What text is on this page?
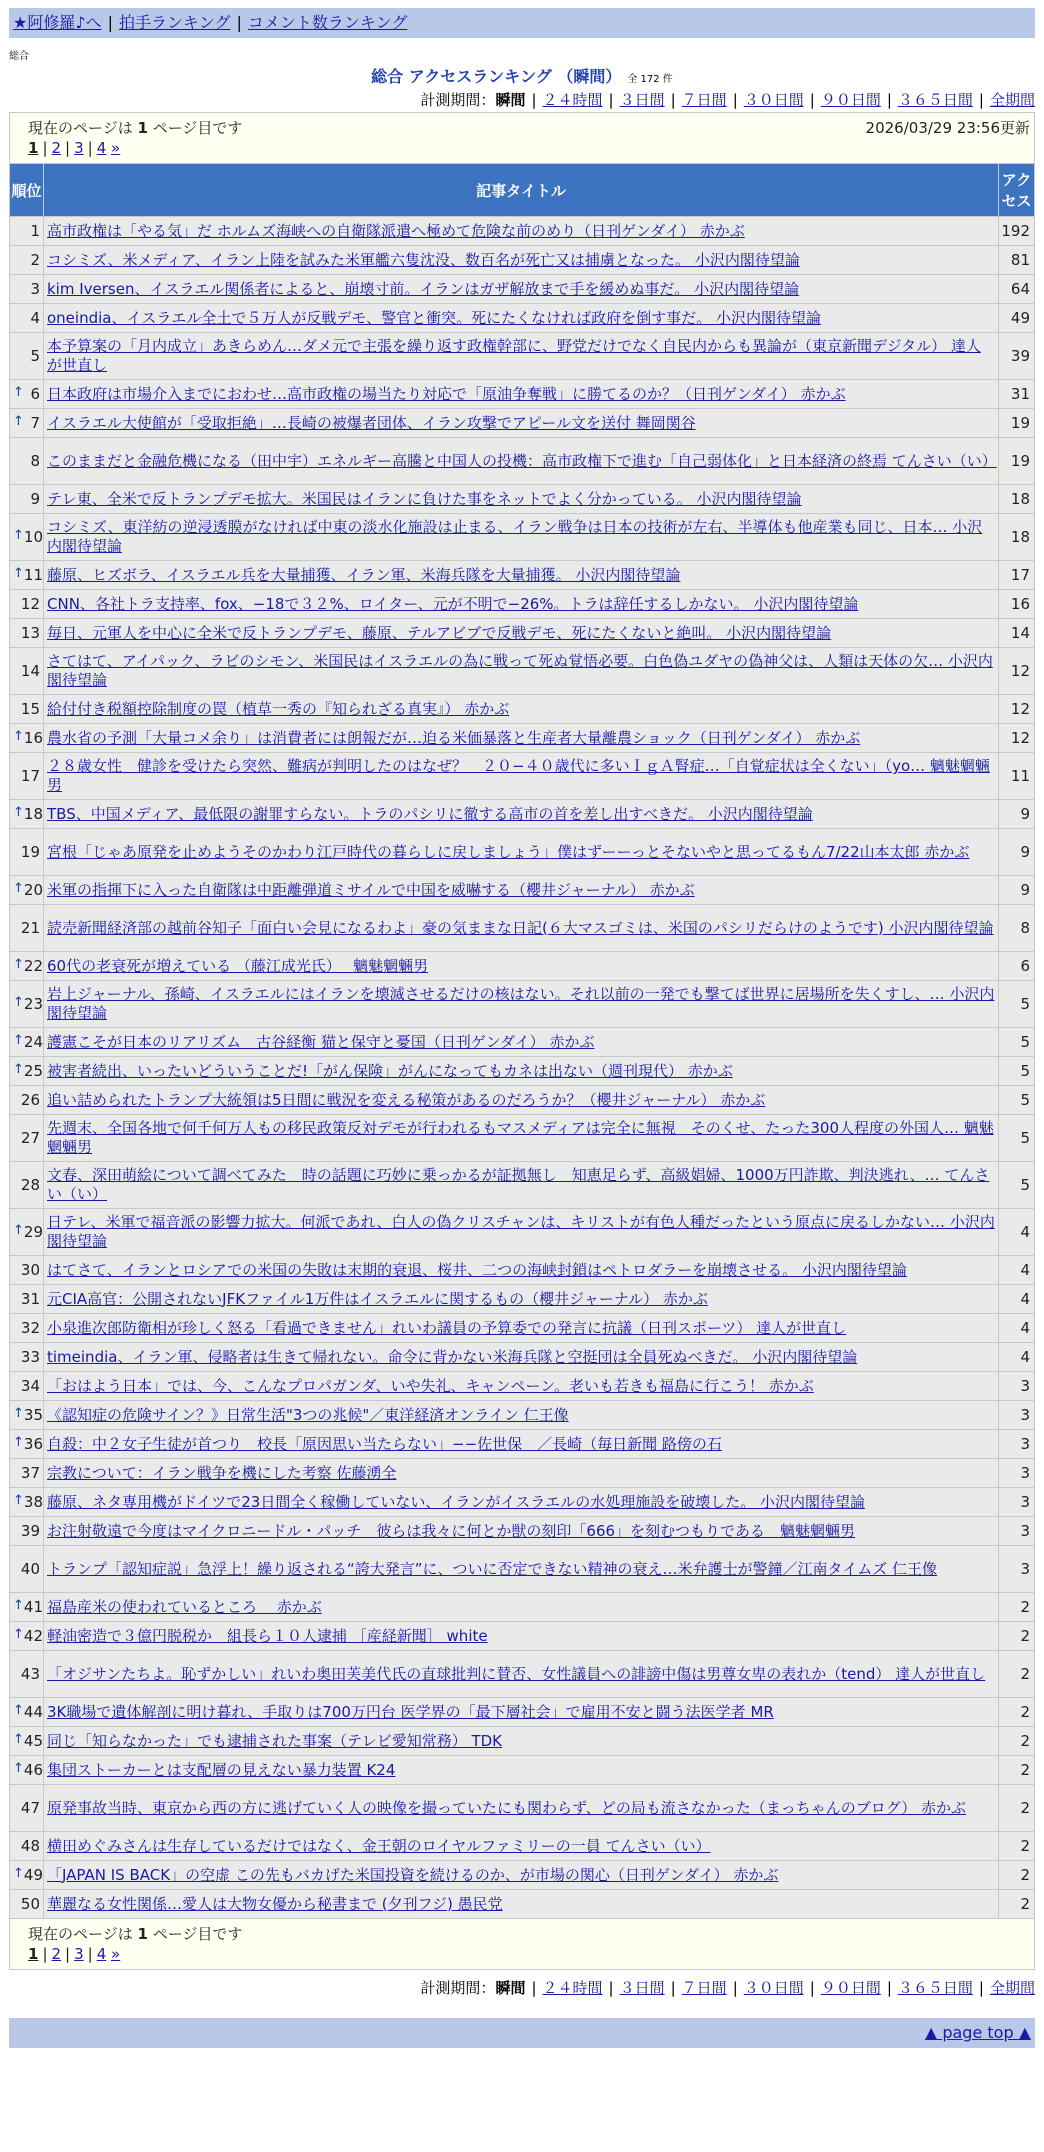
★阿修羅♪へ | 拍手ランキング | コメント数ランキング
総合
総合 アクセスランキング （瞬間） 全 172 件
計測期間：瞬間 | ２４時間 | ３日間 | ７日間 | ３０日間 | ９０日間 | ３６５日間 | 全期間
現在のページは 1 ページ目です	2026/03/29 23:56更新
1 | 2 | 3 | 4 »
順位	記事タイトル	アクセス
1	高市政権は「やる気」だ ホルムズ海峡への自衛隊派遣へ極めて危険な前のめり（日刊ゲンダイ） 赤かぶ	192
2	コシミズ、米メディア、イラン上陸を試みた米軍艦六隻沈没、数百名が死亡又は捕虜となった。 小沢内閣待望論	81
3	kim Iversen、イスラエル関係者によると、崩壊寸前。イランはガザ解放まで手を緩めぬ事だ。 小沢内閣待望論	64
4	oneindia、イスラエル全土で５万人が反戦デモ、警官と衝突。死にたくなければ政府を倒す事だ。 小沢内閣待望論	49
5	本予算案の「月内成立」あきらめん…ダメ元で主張を繰り返す政権幹部に、野党だけでなく自民内からも異論が（東京新聞デジタル） 達人が世直し	39

↑ 6	日本政府は市場介入までにおわせ…高市政権の場当たり対応で「原油争奪戦」に勝てるのか？（日刊ゲンダイ） 赤かぶ	31

↑ 7	イスラエル大使館が「受取拒絶」…長崎の被爆者団体、イラン攻撃でアピール文を送付 舞岡関谷	19
8	このままだと金融危機になる（田中宇）エネルギー高騰と中国人の投機：高市政権下で進む「自己弱体化」と日本経済の終焉 てんさい（い）	19
9	テレ東、全米で反トランプデモ拡大。米国民はイランに負けた事をネットでよく分かっている。 小沢内閣待望論	18

↑ 10	コシミズ、東洋紡の逆浸透膜がなければ中東の淡水化施設は止まる、イラン戦争は日本の技術が左右、半導体も他産業も同じ、日本… 小沢内閣待望論	18

↑ 11	藤原、ヒズボラ、イスラエル兵を大量捕獲、イラン軍、米海兵隊を大量捕獲。 小沢内閣待望論	17
12	CNN、各社トラ支持率、fox、−18で３２%、ロイター、元が不明で−26%。トラは辞任するしかない。 小沢内閣待望論	16
13	毎日、元軍人を中心に全米で反トランプデモ、藤原、テルアビブで反戦デモ、死にたくないと絶叫。 小沢内閣待望論	14
14	さてはて、アイパック、ラビのシモン、米国民はイスラエルの為に戦って死ぬ覚悟必要。白色偽ユダヤの偽神父は、人類は天体の欠… 小沢内閣待望論	12
15	給付付き税額控除制度の罠（植草一秀の『知られざる真実』） 赤かぶ	12

↑ 16	農水省の予測「大量コメ余り」は消費者には朗報だが…迫る米価暴落と生産者大量離農ショック（日刊ゲンダイ） 赤かぶ	12
17	２８歳女性　健診を受けたら突然、難病が判明したのはなぜ？　２０−４０歳代に多いＩｇＡ腎症…「自覚症状は全くない」（yo… 魑魅魍魎男	11

↑ 18	TBS、中国メディア、最低限の謝罪すらない。トラのパシリに徹する高市の首を差し出すべきだ。 小沢内閣待望論	9
19	宮根「じゃあ原発を止めようそのかわり江戸時代の暮らしに戻しましょう」僕はずーーっとそないやと思ってるもん7/22山本太郎 赤かぶ	9

↑ 20	米軍の指揮下に入った自衛隊は中距離弾道ミサイルで中国を威嚇する（櫻井ジャーナル） 赤かぶ	9
21	読売新聞経済部の越前谷知子「面白い会見になるわよ」豪の気ままな日記(６大マスゴミは、米国のパシリだらけのようです) 小沢内閣待望論	8

↑ 22	60代の老衰死が増えている （藤江成光氏）　 魑魅魍魎男	6

↑ 23	岩上ジャーナル、孫崎、イスラエルにはイランを壊滅させるだけの核はない。それ以前の一発でも撃てば世界に居場所を失くすし、… 小沢内閣待望論	5

↑ 24	護憲こそが日本のリアリズム　古谷経衡 猫と保守と憂国（日刊ゲンダイ） 赤かぶ	5

↑ 25	被害者続出、いったいどういうことだ!「がん保険」がんになってもカネは出ない（週刊現代） 赤かぶ	5
26	追い詰められたトランプ大統領は5日間に戦況を変える秘策があるのだろうか？（櫻井ジャーナル） 赤かぶ	5
27	先週末、全国各地で何千何万人もの移民政策反対デモが行われるもマスメディアは完全に無視　そのくせ、たった300人程度の外国人… 魑魅魍魎男	5
28	文春、深田萌絵について調べてみた　時の話題に巧妙に乗っかるが証拠無し　知恵足らず、高級娼婦、1000万円詐欺、判決逃れ、… てんさい（い）	5

↑ 29	日テレ、米軍で福音派の影響力拡大。何派であれ、白人の偽クリスチャンは、キリストが有色人種だったという原点に戻るしかない… 小沢内閣待望論	4
30	はてさて、イランとロシアでの米国の失敗は末期的衰退、桜井、二つの海峡封鎖はペトロダラーを崩壊させる。 小沢内閣待望論	4
31	元CIA高官：公開されないJFKファイル1万件はイスラエルに関するもの（櫻井ジャーナル） 赤かぶ	4
32	小泉進次郎防衛相が珍しく怒る「看過できません」れいわ議員の予算委での発言に抗議（日刊スポーツ） 達人が世直し	4
33	timeindia、イラン軍、侵略者は生きて帰れない。命令に背かない米海兵隊と空挺団は全員死ぬべきだ。 小沢内閣待望論	4
34	「おはよう日本」では、今、こんなプロパガンダ、いや失礼、キャンペーン。老いも若きも福島に行こう！ 赤かぶ	3

↑ 35	《認知症の危険サイン？》日常生活"3つの兆候"／東洋経済オンライン 仁王像	3

↑ 36	自殺：中２女子生徒が首つり　校長「原因思い当たらない」−−佐世保　／長崎（毎日新聞 路傍の石	3
37	宗教について：イラン戦争を機にした考察 佐藤湧全	3

↑ 38	藤原、ネタ専用機がドイツで23日間全く稼働していない、イランがイスラエルの水処理施設を破壊した。 小沢内閣待望論	3
39	お注射敬遠で今度はマイクロニードル・パッチ　彼らは我々に何とか獣の刻印「666」を刻むつもりである　魑魅魍魎男	3
40	トランプ「認知症説」急浮上！繰り返される“誇大発言”に、ついに否定できない精神の衰え…米弁護士が警鐘／江南タイムズ 仁王像	3

↑ 41	福島産米の使われているところ　 赤かぶ	2

↑ 42	軽油密造で３億円脱税か　組長ら１０人逮捕 ［産経新聞］ white	2
43	「オジサンたちよ。恥ずかしい」れいわ奥田芙美代氏の直球批判に賛否、女性議員への誹謗中傷は男尊女卑の表れか（tend） 達人が世直し	2

↑ 44	3K職場で遺体解剖に明け暮れ、手取りは700万円台 医学界の「最下層社会」で雇用不安と闘う法医学者 MR	2

↑ 45	同じ「知らなかった」でも逮捕された事案（テレビ愛知常務） TDK	2

↑ 46	集団ストーカーとは支配層の見えない暴力装置 K24	2
47	原発事故当時、東京から西の方に逃げていく人の映像を撮っていたにも関わらず、どの局も流さなかった（まっちゃんのブログ） 赤かぶ	2
48	横田めぐみさんは生存しているだけではなく、金王朝のロイヤルファミリーの一員 てんさい（い）	2

↑ 49	「JAPAN IS BACK」の空虚 この先もバカげた米国投資を続けるのか、が市場の関心（日刊ゲンダイ） 赤かぶ	2
50	華麗なる女性関係…愛人は大物女優から秘書まで (夕刊フジ) 愚民党	2
現在のページは 1 ページ目です
1 | 2 | 3 | 4 »
計測期間：瞬間 | ２４時間 | ３日間 | ７日間 | ３０日間 | ９０日間 | ３６５日間 | 全期間
▲ page top ▲
